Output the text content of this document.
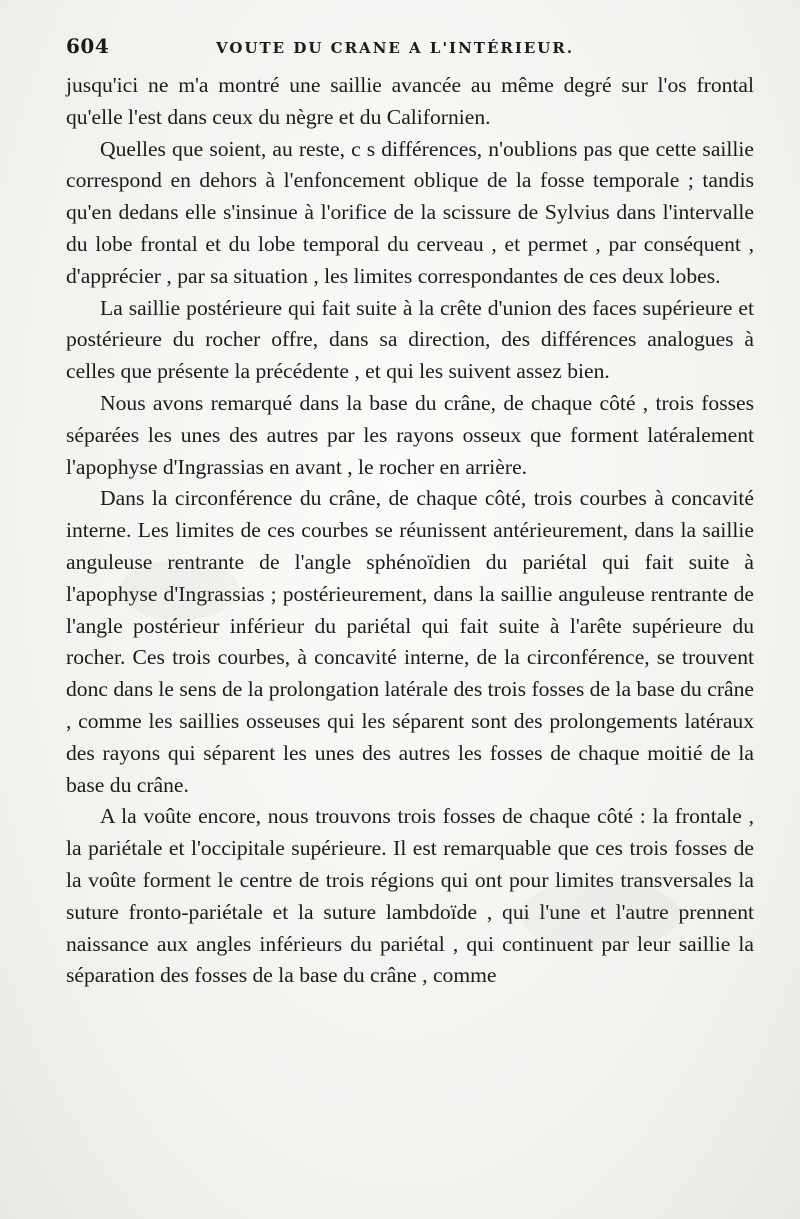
604	VOUTE DU CRANE A L'INTÉRIEUR.

jusqu'ici ne m'a montré une saillie avancée au même degré sur l'os frontal qu'elle l'est dans ceux du nègre et du Californien.

Quelles que soient, au reste, c s différences, n'oublions pas que cette saillie correspond en dehors à l'enfoncement oblique de la fosse temporale ; tandis qu'en dedans elle s'insinue à l'orifice de la scissure de Sylvius dans l'intervalle du lobe frontal et du lobe temporal du cerveau , et permet , par conséquent , d'apprécier , par sa situation , les limites correspondantes de ces deux lobes.

La saillie postérieure qui fait suite à la crête d'union des faces supérieure et postérieure du rocher offre, dans sa direction, des différences analogues à celles que présente la précédente , et qui les suivent assez bien.

Nous avons remarqué dans la base du crâne, de chaque côté , trois fosses séparées les unes des autres par les rayons osseux que forment latéralement l'apophyse d'Ingrassias en avant , le rocher en arrière.

Dans la circonférence du crâne, de chaque côté, trois courbes à concavité interne. Les limites de ces courbes se réunissent antérieurement, dans la saillie anguleuse rentrante de l'angle sphénoïdien du pariétal qui fait suite à l'apophyse d'Ingrassias ; postérieurement, dans la saillie anguleuse rentrante de l'angle postérieur inférieur du pariétal qui fait suite à l'arête supérieure du rocher. Ces trois courbes, à concavité interne, de la circonférence, se trouvent donc dans le sens de la prolongation latérale des trois fosses de la base du crâne , comme les saillies osseuses qui les séparent sont des prolongements latéraux des rayons qui séparent les unes des autres les fosses de chaque moitié de la base du crâne.

A la voûte encore, nous trouvons trois fosses de chaque côté : la frontale , la pariétale et l'occipitale supérieure. Il est remarquable que ces trois fosses de la voûte forment le centre de trois régions qui ont pour limites transversales la suture fronto-pariétale et la suture lambdoïde , qui l'une et l'autre prennent naissance aux angles inférieurs du pariétal , qui continuent par leur saillie la séparation des fosses de la base du crâne , comme
